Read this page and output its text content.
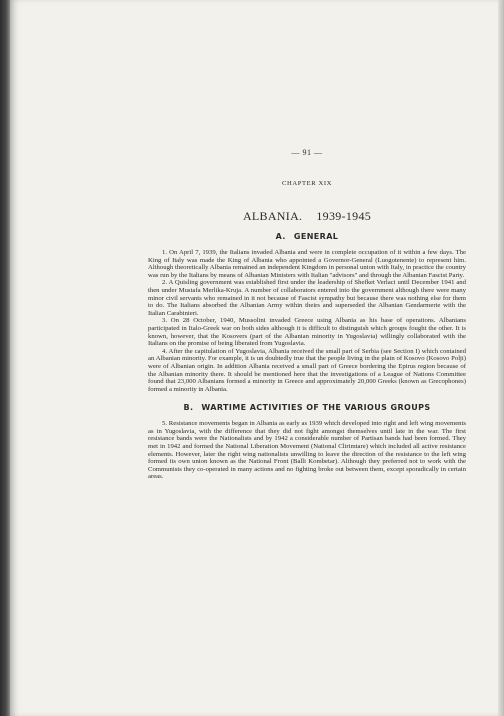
— 91 —
CHAPTER XIX
ALBANIA. 1939-1945
A. GENERAL

1. On April 7, 1939, the Italians invaded Albania and were in complete occupation of it within a few days. The King of Italy was made the King of Albania who appointed a Governor-General (Luogotenente) to represent him. Although theoretically Albania remained an independent Kingdom in personal union with Italy, in practice the country was run by the Italians by means of Albanian Ministers with Italian "advisors" and through the Albanian Fascist Party.

2. A Quisling government was established first under the leadership of Shefket Verlaci until December 1941 and then under Mustafa Merlika-Kruja. A number of collaborators entered into the government although there were many minor civil servants who remained in it not because of Fascist sympathy but because there was nothing else for them to do. The Italians absorbed the Albanian Army within theirs and superseded the Albanian Gendarmerie with the Italian Carabinieri.

3. On 28 October, 1940, Mussolini invaded Greece using Albania as his base of operations. Albanians participated in Italo-Greek war on both sides although it is difficult to distinguish which groups fought the other. It is known, however, that the Kosovers (part of the Albanian minority in Yugoslavia) willingly collaborated with the Italians on the promise of being liberated from Yugoslavia.

4. After the capitulation of Yugoslavia, Albania received the small part of Serbia (see Section I) which contained an Albanian minority. For example, it is un doubtedly true that the people living in the plain of Kosovo (Kosovo Polji) were of Albanian origin. In addition Albania received a small part of Greece bordering the Epirus region because of the Albanian minority there. It should be mentioned here that the investigations of a League of Nations Committee found that 23,000 Albanians formed a minority in Greece and approximately 20,000 Greeks (known as Grecophones) formed a minority in Albania.

B. WARTIME ACTIVITIES OF THE VARIOUS GROUPS

5. Resistance movements began in Albania as early as 1939 which developed into right and left wing movements as in Yugoslavia, with the difference that they did not fight amongst themselves until late in the war. The first resistance bands were the Nationalists and by 1942 a considerable number of Partisan bands had been formed. They met in 1942 and formed the National Liberation Movement (National Clirimtare) which included all active resistance elements. However, later the right wing nationalists unwilling to leave the direction of the resistance to the left wing formed its own union known as the National Front (Balli Kombetar). Although they preferred not to work with the Communists they co-operated in many actions and no fighting broke out between them, except sporadically in certain areas.
